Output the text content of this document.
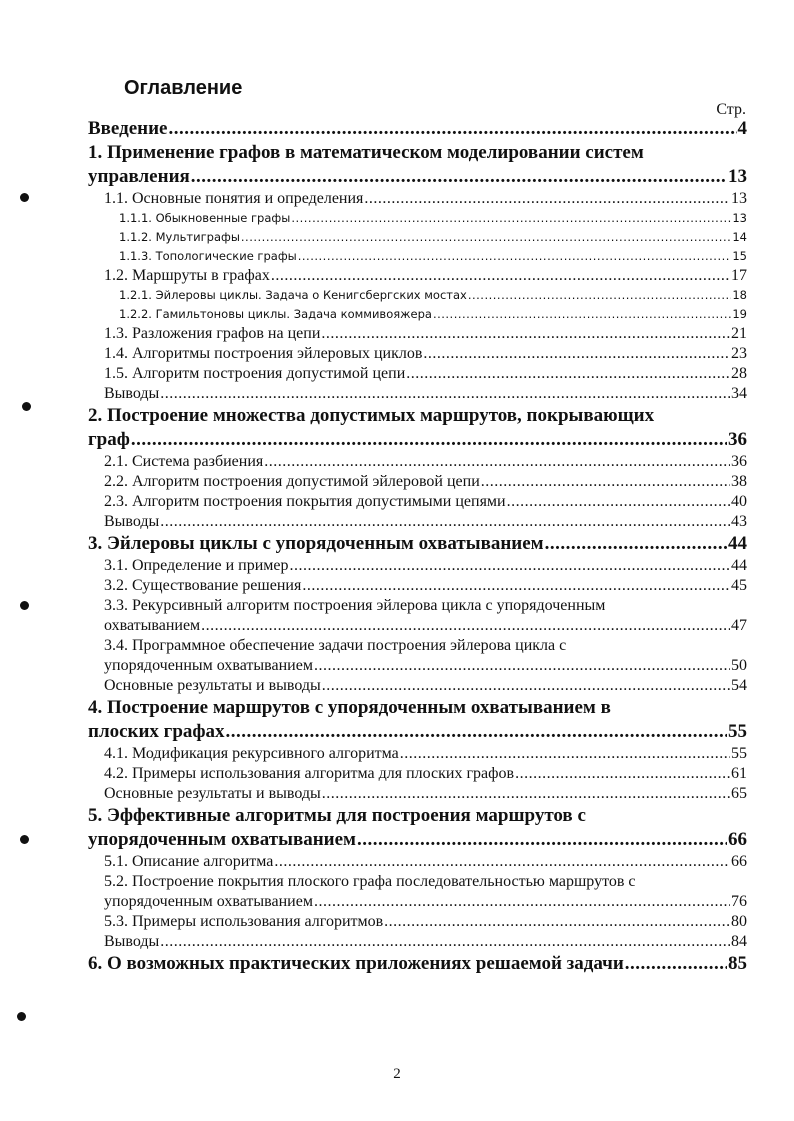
Оглавление
Стр.
Введение .....	4
1. Применение графов в математическом моделировании систем
управления .....	13
1.1. Основные понятия и определения .....	13
1.1.1. Обыкновенные графы .....	13
1.1.2. Мультиграфы .....	14
1.1.3. Топологические графы .....	15
1.2. Маршруты в графах .....	17
1.2.1. Эйлеровы циклы. Задача о Кенигсбергских мостах .....	18
1.2.2. Гамильтоновы циклы. Задача коммивояжера .....	19
1.3. Разложения графов на цепи .....	21
1.4. Алгоритмы построения эйлеровых циклов .....	23
1.5. Алгоритм построения допустимой цепи .....	28
Выводы .....	34
2. Построение множества допустимых маршрутов, покрывающих
граф .....	36
2.1. Система разбиения .....	36
2.2. Алгоритм построения допустимой эйлеровой цепи .....	38
2.3. Алгоритм построения покрытия допустимыми цепями .....	40
Выводы .....	43
3. Эйлеровы циклы с упорядоченным охватыванием .....	44
3.1. Определение и пример .....	44
3.2. Существование решения .....	45
3.3. Рекурсивный алгоритм построения эйлерова цикла с упорядоченным
охватыванием .....	47
3.4. Программное обеспечение задачи построения эйлерова цикла с
упорядоченным охватыванием .....	50
Основные результаты и выводы .....	54
4. Построение маршрутов с упорядоченным охватыванием в
плоских графах .....	55
4.1. Модификация рекурсивного алгоритма .....	55
4.2. Примеры использования алгоритма для плоских графов .....	61
Основные результаты и выводы .....	65
5. Эффективные алгоритмы для построения маршрутов с
упорядоченным охватыванием .....	66
5.1. Описание алгоритма .....	66
5.2. Построение покрытия плоского графа последовательностью маршрутов с
упорядоченным охватыванием .....	76
5.3. Примеры использования алгоритмов .....	80
Выводы .....	84
6. О возможных практических приложениях решаемой задачи .....	85
2
